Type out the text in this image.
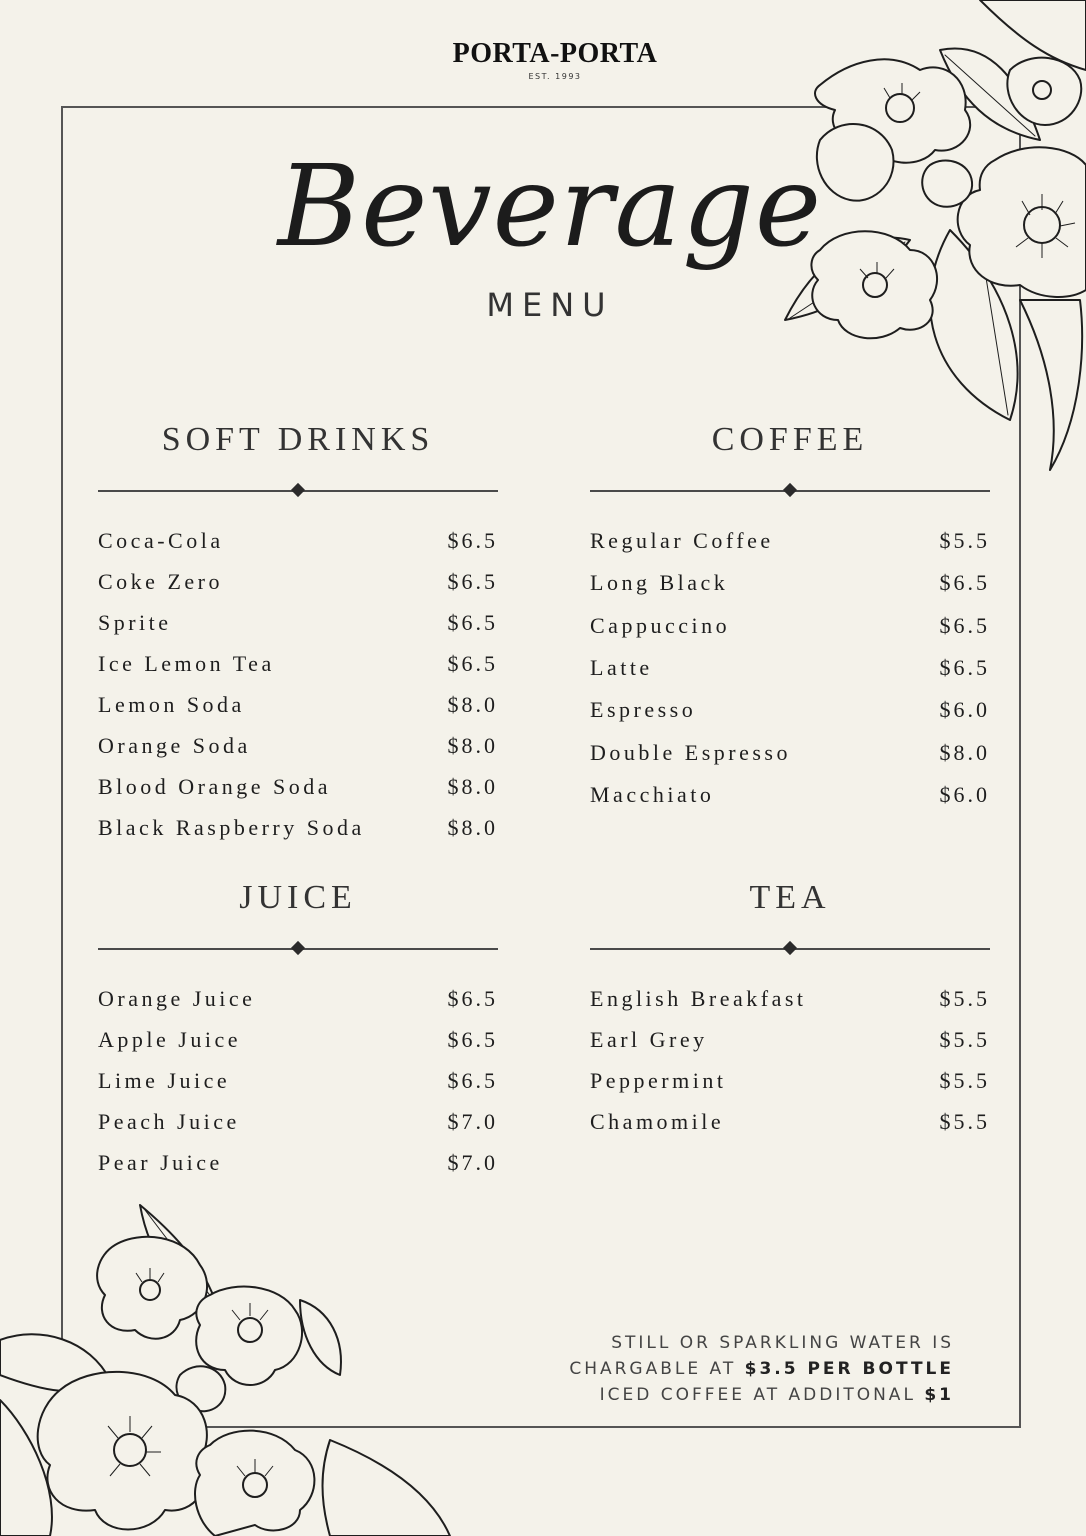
PORTA-PORTA
EST. 1993
Beverage
MENU
SOFT DRINKS
Coca-Cola	$6.5
Coke Zero	$6.5
Sprite	$6.5
Ice Lemon Tea	$6.5
Lemon Soda	$8.0
Orange Soda	$8.0
Blood Orange Soda	$8.0
Black Raspberry Soda	$8.0
COFFEE
Regular Coffee	$5.5
Long Black	$6.5
Cappuccino	$6.5
Latte	$6.5
Espresso	$6.0
Double Espresso	$8.0
Macchiato	$6.0
JUICE
Orange Juice	$6.5
Apple Juice	$6.5
Lime Juice	$6.5
Peach Juice	$7.0
Pear Juice	$7.0
TEA
English Breakfast	$5.5
Earl Grey	$5.5
Peppermint	$5.5
Chamomile	$5.5
STILL OR SPARKLING WATER IS
CHARGABLE AT $3.5 PER BOTTLE
ICED COFFEE AT ADDITONAL $1
